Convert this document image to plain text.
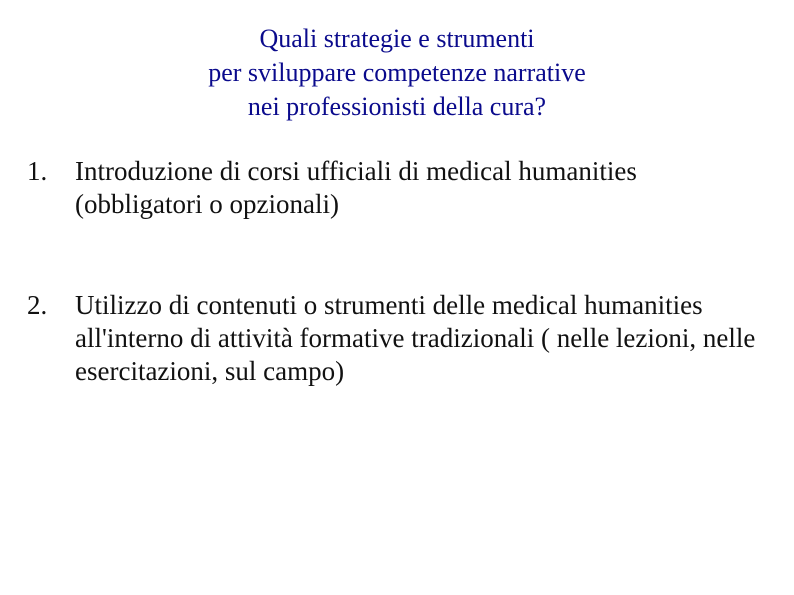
Quali strategie e strumenti
per sviluppare competenze narrative
nei professionisti della cura?
1.	Introduzione di corsi ufficiali di medical humanities (obbligatori o opzionali)
2.	Utilizzo di contenuti o strumenti delle medical humanities all'interno di attività formative tradizionali ( nelle lezioni, nelle esercitazioni, sul campo)
